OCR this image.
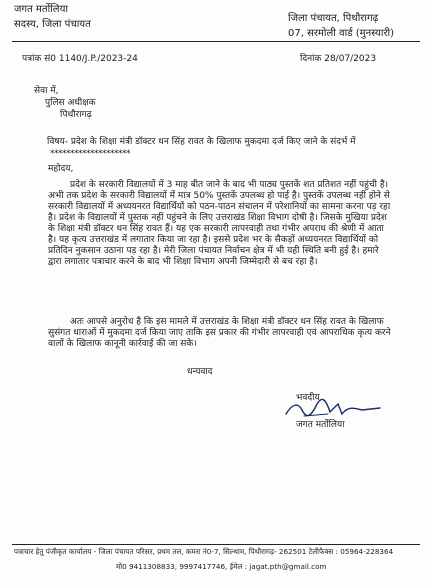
जगत मर्तोलिया
सदस्य, जिला पंचायत
जिला पंचायत, पिथौरागढ़
07, सरमोली वार्ड (मुनस्यारी)
पत्रांक सं0 1140/J.P./2023-24	दिनांक 28/07/2023
सेवा में,
पुलिस अधीक्षक
पिथौरागढ़
विषय- प्रदेश के शिक्षा मंत्री डॉक्टर धन सिंह रावत के खिलाफ मुकदमा दर्ज किए जाने के संदर्भ में
********************
महोदय,

प्रदेश के सरकारी विद्यालयों में 3 माह बीत जाने के बाद भी पाठ्य पुस्तकें शत प्रतिशत नहीं पहुंची है। अभी तक प्रदेश के सरकारी विद्यालयों में मात्र 50% पुस्तकें उपलब्ध हो पाई है। पुस्तकें उपलब्ध नहीं होने से सरकारी विद्यालयों में अध्ययनरत विद्यार्थियों को पठन-पाठन संचालन में परेशानियों का सामना करना पड़ रहा है। प्रदेश के विद्यालयों में पुस्तक नहीं पहुंचने के लिए उत्तराखंड शिक्षा विभाग दोषी है। जिसके मुखिया प्रदेश के शिक्षा मंत्री डॉक्टर धन सिंह रावत हैं। यह एक सरकारी लापरवाही तथा गंभीर अपराध की श्रेणी में आता है। यह कृत्य उत्तराखंड में लगातार किया जा रहा है। इससे प्रदेश भर के सैकड़ों अध्ययनरत विद्यार्थियों को प्रतिदिन नुकसान उठाना पड़ रहा है। मेरी जिला पंचायत निर्वाचन क्षेत्र में भी यही स्थिति बनी हुई है। हमारे द्वारा लगातार पत्राचार करने के बाद भी शिक्षा विभाग अपनी जिम्मेदारी से बच रहा है।

अतः आपसे अनुरोध है कि इस मामले में उत्तराखंड के शिक्षा मंत्री डॉक्टर धन सिंह रावत के खिलाफ सुसंगत धाराओं में मुकदमा दर्ज किया जाए ताकि इस प्रकार की गंभीर लापरवाही एवं आपराधिक कृत्य करने वालों के खिलाफ कानूनी कार्रवाई की जा सके।

धन्यवाद
भवदीय
जगत मर्तोलिया
पत्राचार हेतु पंजीकृत कार्यालय - जिला पंचायत परिसर, प्रथम तल, कमरा नं0-7, सिल्थाम, पिथौरागढ़- 262501 टेलीफैक्स : 05964-228364
मो0 9411308833, 9997417746, ईमेल : jagat.pth@gmail.com
